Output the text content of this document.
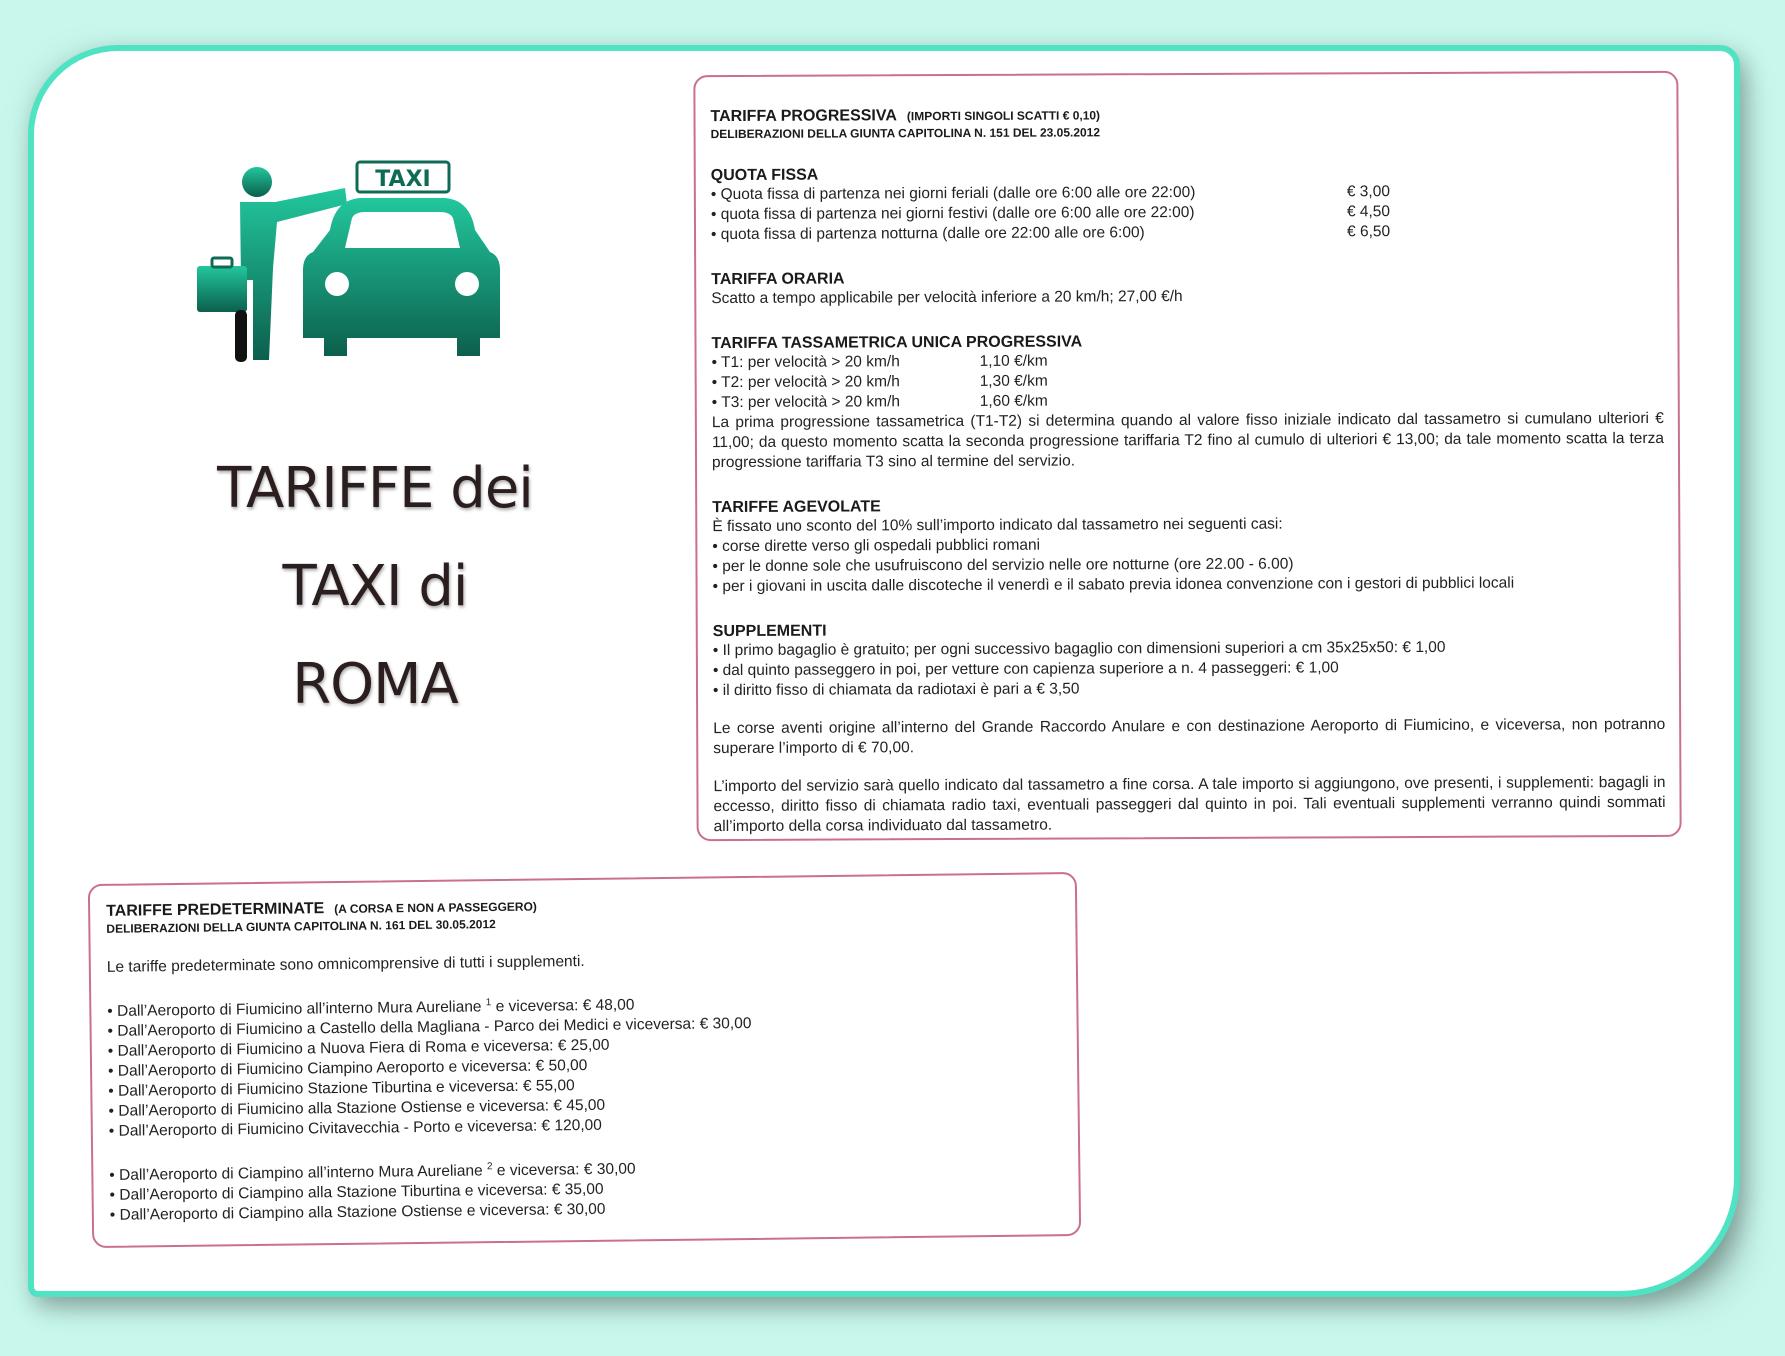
TAXI
TARIFFE dei
TAXI di
ROMA
TARIFFA PROGRESSIVA (IMPORTI SINGOLI SCATTI € 0,10)
DELIBERAZIONI DELLA GIUNTA CAPITOLINA N. 151 DEL 23.05.2012
QUOTA FISSA
• Quota fissa di partenza nei giorni feriali (dalle ore 6:00 alle ore 22:00)	€ 3,00
• quota fissa di partenza nei giorni festivi (dalle ore 6:00 alle ore 22:00)	€ 4,50
• quota fissa di partenza notturna (dalle ore 22:00 alle ore 6:00)	€ 6,50
TARIFFA ORARIA
Scatto a tempo applicabile per velocità inferiore a 20 km/h; 27,00 €/h
TARIFFA TASSAMETRICA UNICA PROGRESSIVA
• T1: per velocità > 20 km/h	1,10 €/km
• T2: per velocità > 20 km/h	1,30 €/km
• T3: per velocità > 20 km/h	1,60 €/km
La prima progressione tassametrica (T1-T2) si determina quando al valore fisso iniziale indicato dal tassametro si cumulano ulteriori € 11,00; da questo momento scatta la seconda progressione tariffaria T2 fino al cumulo di ulteriori € 13,00; da tale momento scatta la terza progressione tariffaria T3 sino al termine del servizio.
TARIFFE AGEVOLATE
È fissato uno sconto del 10% sull’importo indicato dal tassametro nei seguenti casi:
• corse dirette verso gli ospedali pubblici romani
• per le donne sole che usufruiscono del servizio nelle ore notturne (ore 22.00 - 6.00)
• per i giovani in uscita dalle discoteche il venerdì e il sabato previa idonea convenzione con i gestori di pubblici locali
SUPPLEMENTI
• Il primo bagaglio è gratuito; per ogni successivo bagaglio con dimensioni superiori a cm 35x25x50: € 1,00
• dal quinto passeggero in poi, per vetture con capienza superiore a n. 4 passeggeri: € 1,00
• il diritto fisso di chiamata da radiotaxi è pari a € 3,50
Le corse aventi origine all’interno del Grande Raccordo Anulare e con destinazione Aeroporto di Fiumicino, e viceversa, non potranno superare l’importo di € 70,00.
L’importo del servizio sarà quello indicato dal tassametro a fine corsa. A tale importo si aggiungono, ove presenti, i supplementi: bagagli in eccesso, diritto fisso di chiamata radio taxi, eventuali passeggeri dal quinto in poi. Tali eventuali supplementi verranno quindi sommati all’importo della corsa individuato dal tassametro.
TARIFFE PREDETERMINATE (A CORSA E NON A PASSEGGERO)
DELIBERAZIONI DELLA GIUNTA CAPITOLINA N. 161 DEL 30.05.2012
Le tariffe predeterminate sono omnicomprensive di tutti i supplementi.
• Dall’Aeroporto di Fiumicino all’interno Mura Aureliane $^1$ e viceversa: € 48,00
• Dall’Aeroporto di Fiumicino a Castello della Magliana - Parco dei Medici e viceversa: € 30,00
• Dall’Aeroporto di Fiumicino a Nuova Fiera di Roma e viceversa: € 25,00
• Dall’Aeroporto di Fiumicino Ciampino Aeroporto e viceversa: € 50,00
• Dall’Aeroporto di Fiumicino Stazione Tiburtina e viceversa: € 55,00
• Dall’Aeroporto di Fiumicino alla Stazione Ostiense e viceversa: € 45,00
• Dall’Aeroporto di Fiumicino Civitavecchia - Porto e viceversa: € 120,00
• Dall’Aeroporto di Ciampino all’interno Mura Aureliane $^2$ e viceversa: € 30,00
• Dall’Aeroporto di Ciampino alla Stazione Tiburtina e viceversa: € 35,00
• Dall’Aeroporto di Ciampino alla Stazione Ostiense e viceversa: € 30,00
